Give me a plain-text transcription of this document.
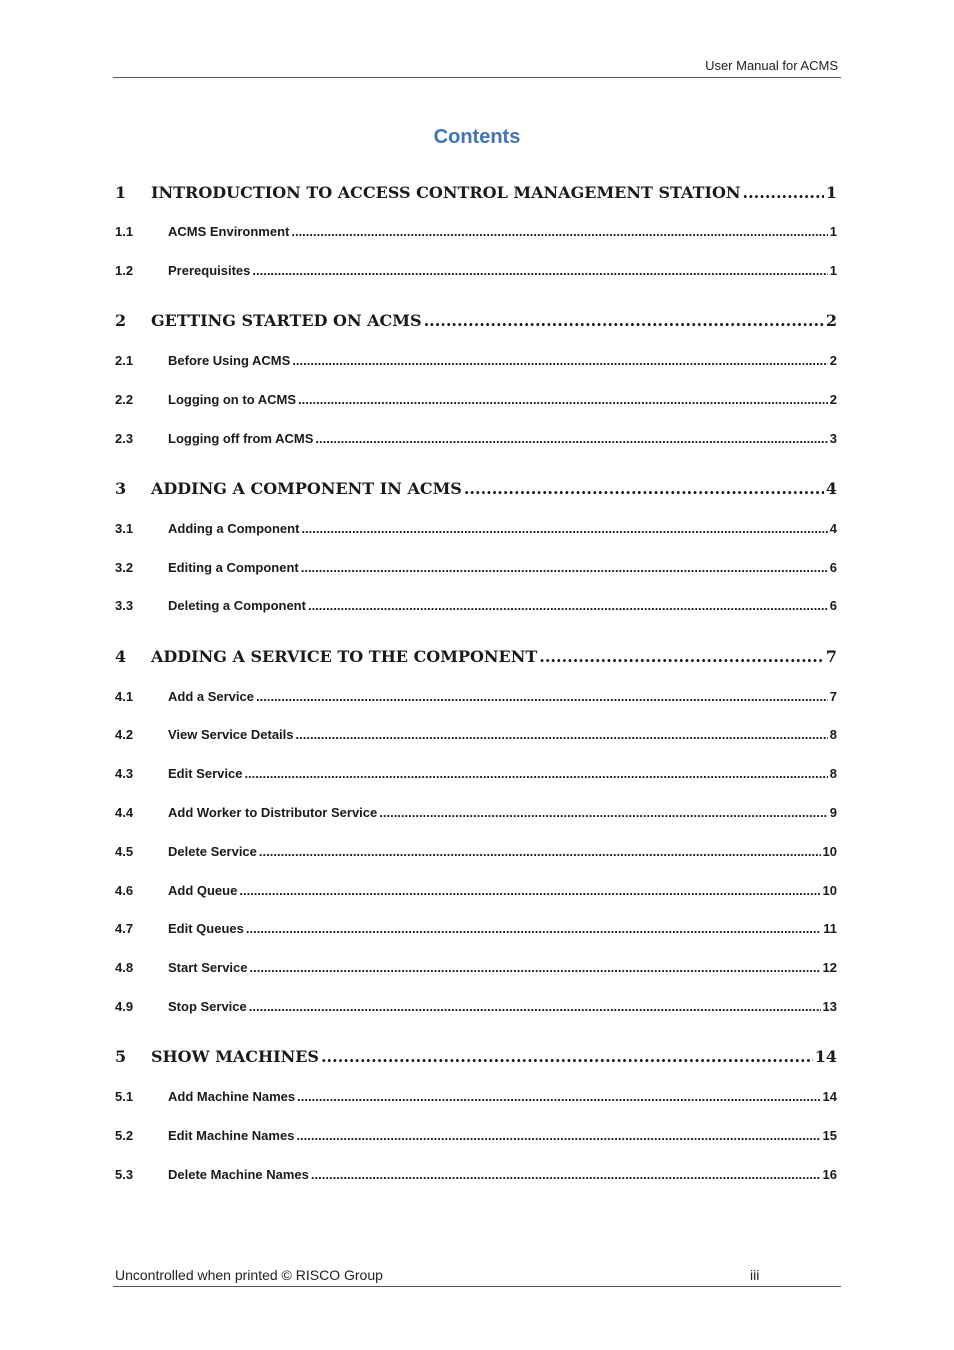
User Manual for ACMS
Contents
1	INTRODUCTION TO ACCESS CONTROL MANAGEMENT STATION .....	1
1.1	ACMS Environment .....	1
1.2	Prerequisites .....	1
2	GETTING STARTED ON ACMS .....	2
2.1	Before Using ACMS .....	2
2.2	Logging on to ACMS .....	2
2.3	Logging off from ACMS .....	3
3	ADDING A COMPONENT IN ACMS .....	4
3.1	Adding a Component .....	4
3.2	Editing a Component .....	6
3.3	Deleting a Component .....	6
4	ADDING A SERVICE TO THE COMPONENT .....	7
4.1	Add a Service .....	7
4.2	View Service Details .....	8
4.3	Edit Service .....	8
4.4	Add Worker to Distributor Service .....	9
4.5	Delete Service .....	10
4.6	Add Queue .....	10
4.7	Edit Queues .....	11
4.8	Start Service .....	12
4.9	Stop Service .....	13
5	SHOW MACHINES .....	14
5.1	Add Machine Names .....	14
5.2	Edit Machine Names .....	15
5.3	Delete Machine Names .....	16
Uncontrolled when printed © RISCO Group	iii
